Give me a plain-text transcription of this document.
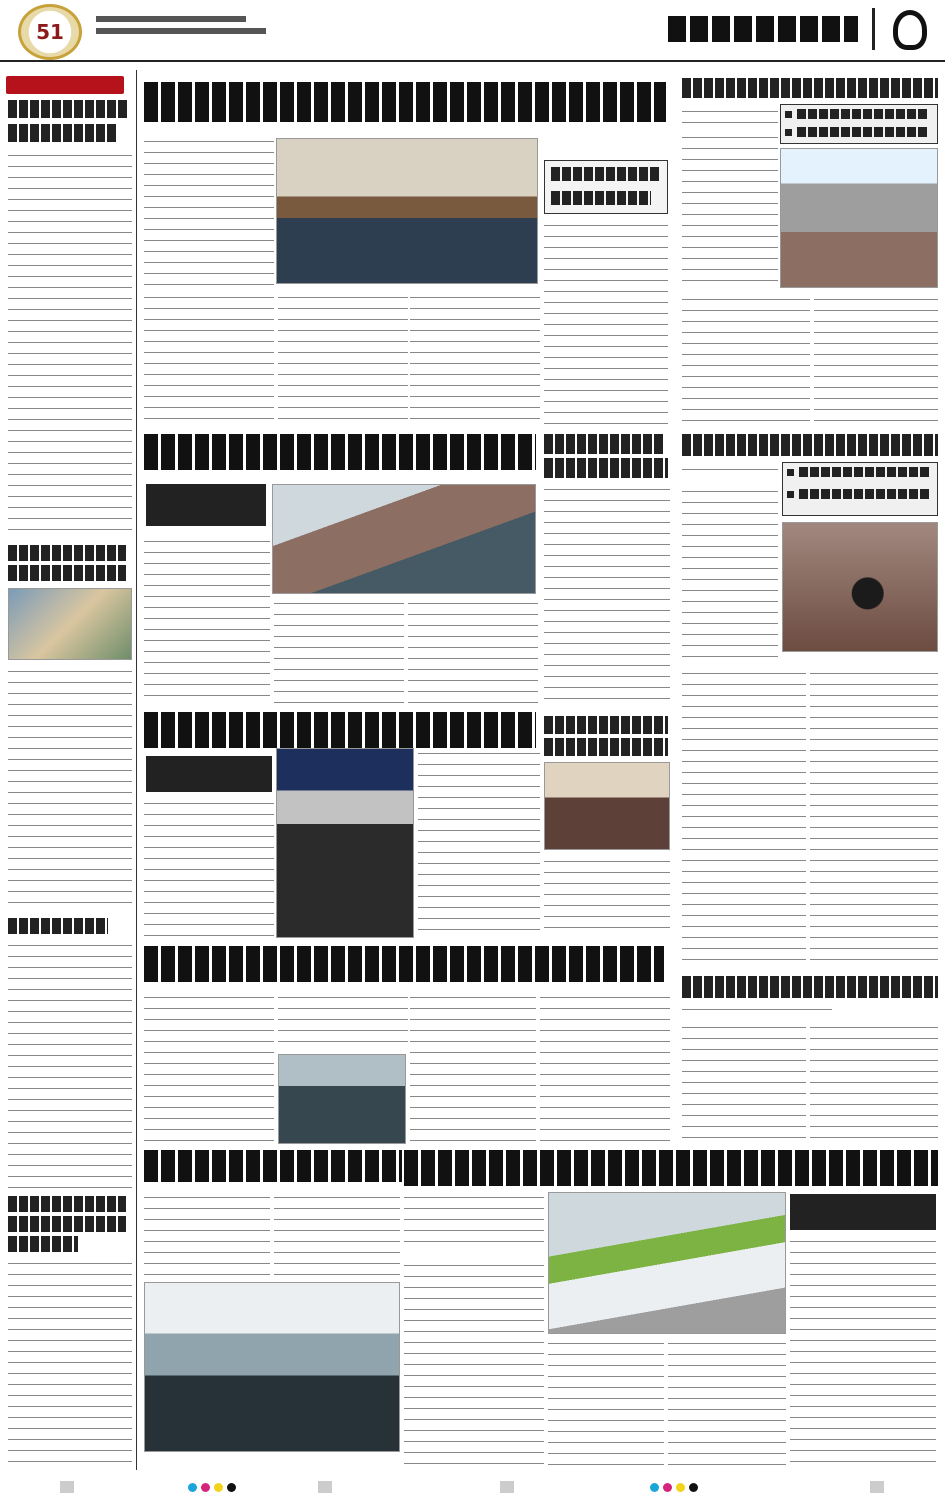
51
